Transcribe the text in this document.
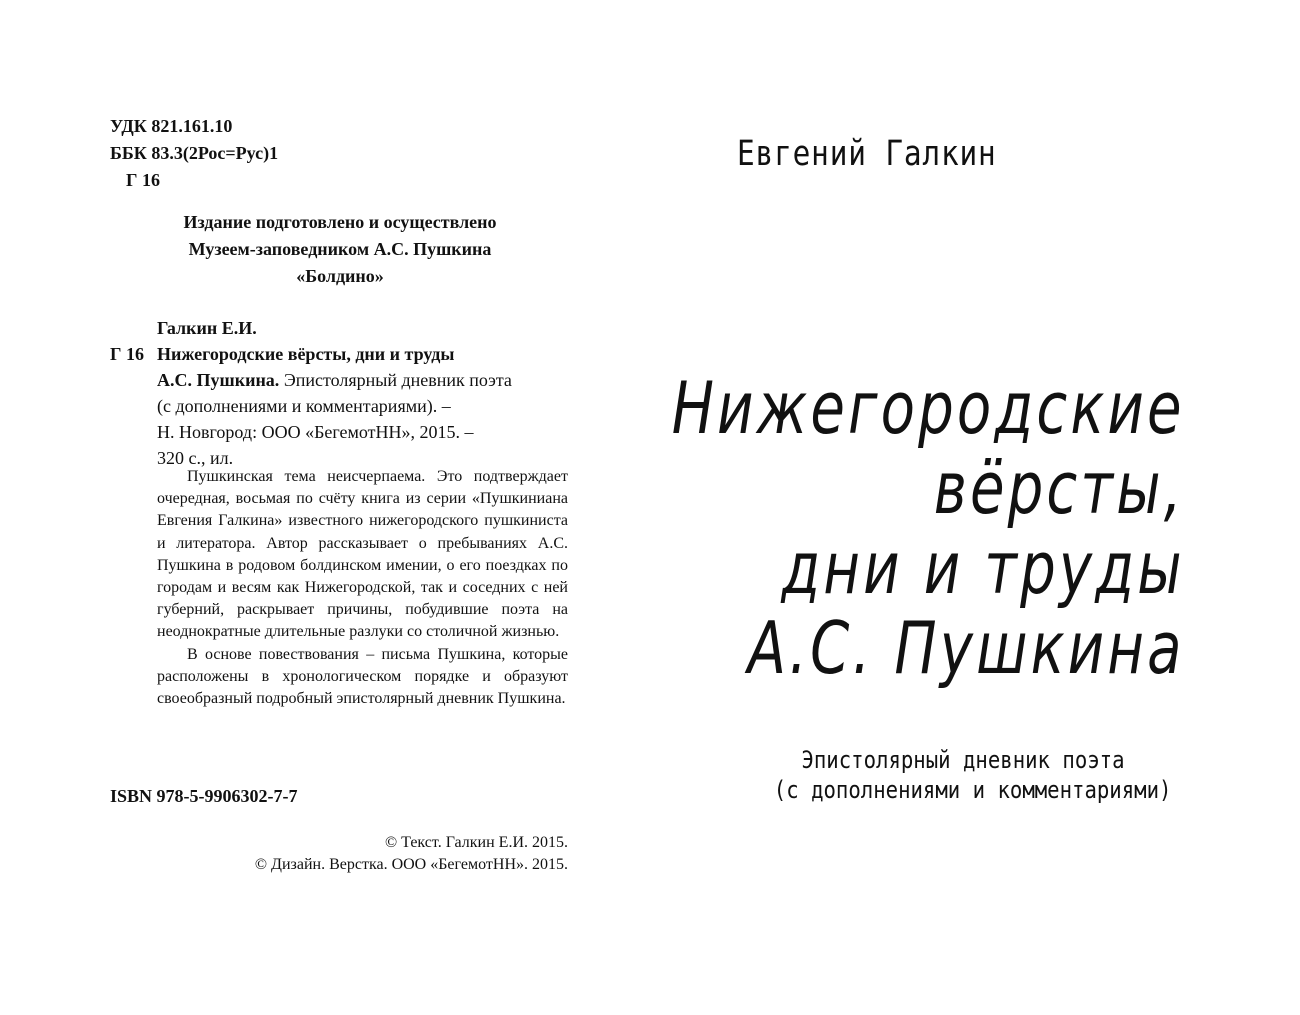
УДК 821.161.10
ББК 83.3(2Рос=Рус)1
Г 16
Издание подготовлено и осуществлено
Музеем-заповедником А.С. Пушкина
«Болдино»
Галкин Е.И.
Г 16 Нижегородские вёрсты, дни и труды
А.С. Пушкина. Эпистолярный дневник поэта
(с дополнениями и комментариями). –
Н. Новгород: ООО «БегемотНН», 2015. –
320 с., ил.

Пушкинская тема неисчерпаема. Это подтверждает очередная, восьмая по счёту книга из серии «Пушкиниана Евгения Галкина» известного нижегородского пушкиниста и литератора. Автор рассказывает о пребываниях А.С. Пушкина в родовом болдинском имении, о его поездках по городам и весям как Нижегородской, так и соседних с ней губерний, раскрывает причины, побудившие поэта на неоднократные длительные разлуки со столичной жизнью.

В основе повествования – письма Пушкина, которые расположены в хронологическом порядке и образуют своеобразный подробный эпистолярный дневник Пушкина.

ISBN 978-5-9906302-7-7
© Текст. Галкин Е.И. 2015.
© Дизайн. Верстка. ООО «БегемотНН». 2015.
Евгений Галкин
Нижегородские
вёрсты,
дни и труды
А.С. Пушкина
Эпистолярный дневник поэта
(с дополнениями и комментариями)
